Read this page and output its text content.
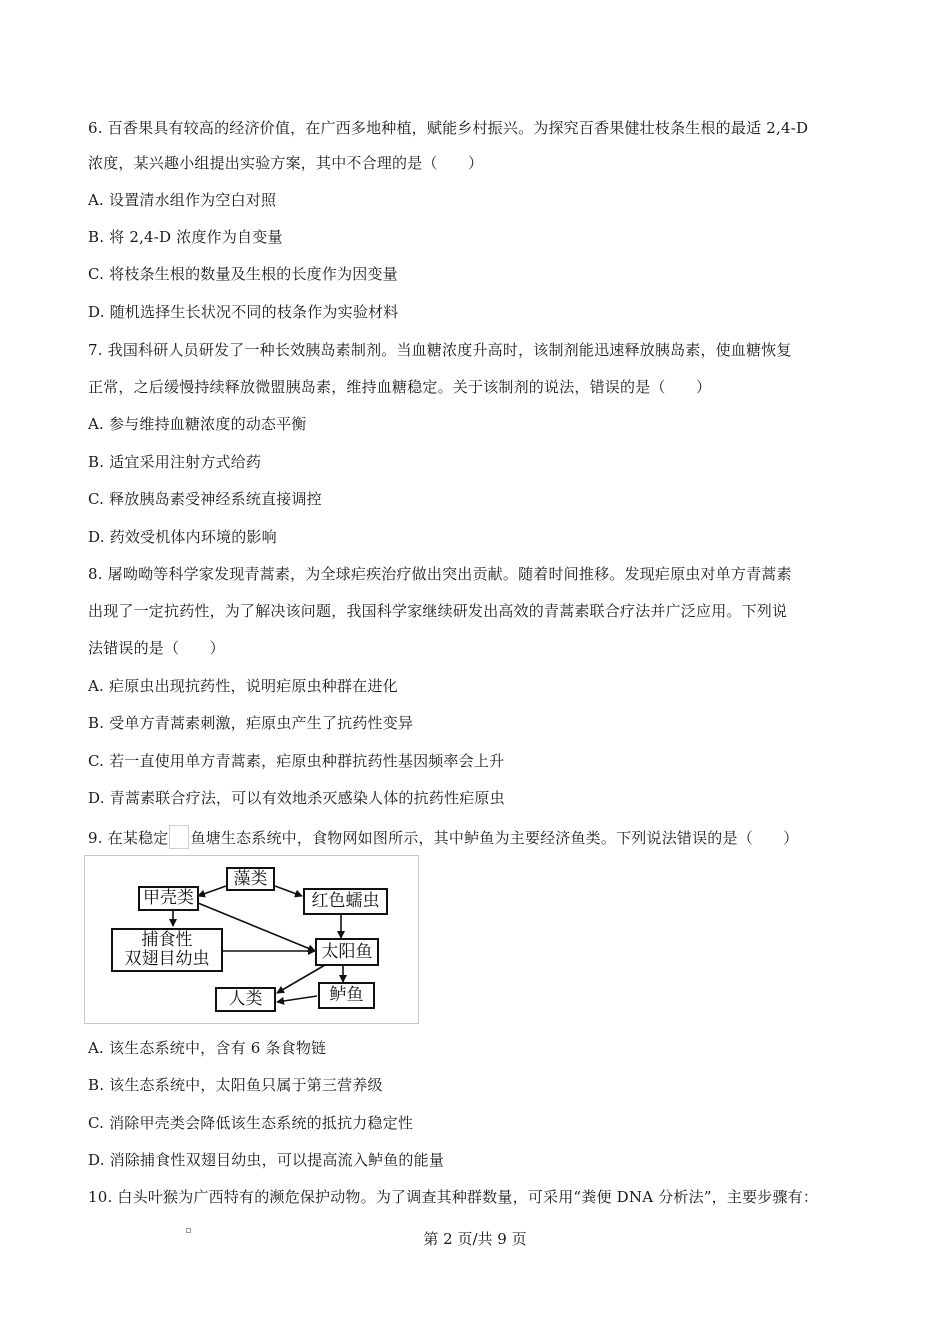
6. 百香果具有较高的经济价值，在广西多地种植，赋能乡村振兴。为探究百香果健壮枝条生根的最适 2,4-D
浓度，某兴趣小组提出实验方案，其中不合理的是（　　）
A. 设置清水组作为空白对照
B. 将 2,4-D 浓度作为自变量
C. 将枝条生根的数量及生根的长度作为因变量
D. 随机选择生长状况不同的枝条作为实验材料
7. 我国科研人员研发了一种长效胰岛素制剂。当血糖浓度升高时，该制剂能迅速释放胰岛素，使血糖恢复
正常，之后缓慢持续释放微盟胰岛素，维持血糖稳定。关于该制剂的说法，错误的是（　　）
A. 参与维持血糖浓度的动态平衡
B. 适宜采用注射方式给药
C. 释放胰岛素受神经系统直接调控
D. 药效受机体内环境的影响
8. 屠呦呦等科学家发现青蒿素，为全球疟疾治疗做出突出贡献。随着时间推移。发现疟原虫对单方青蒿素
出现了一定抗药性，为了解决该问题，我国科学家继续研发出高效的青蒿素联合疗法并广泛应用。下列说
法错误的是（　　）
A. 疟原虫出现抗药性，说明疟原虫种群在进化
B. 受单方青蒿素刺激，疟原虫产生了抗药性变异
C. 若一直使用单方青蒿素，疟原虫种群抗药性基因频率会上升
D. 青蒿素联合疗法，可以有效地杀灭感染人体的抗药性疟原虫
9. 在某稳定 鱼塘生态系统中，食物网如图所示，其中鲈鱼为主要经济鱼类。下列说法错误的是（　　）
藻类
甲壳类	红色蠕虫
捕食性
双翅目幼虫	太阳鱼
人类	鲈鱼
A. 该生态系统中，含有 6 条食物链
B. 该生态系统中，太阳鱼只属于第三营养级
C. 消除甲壳类会降低该生态系统的抵抗力稳定性
D. 消除捕食性双翅目幼虫，可以提高流入鲈鱼的能量
10. 白头叶猴为广西特有的濒危保护动物。为了调查其种群数量，可采用“粪便 DNA 分析法”，主要步骤有：
第 2 页/共 9 页
